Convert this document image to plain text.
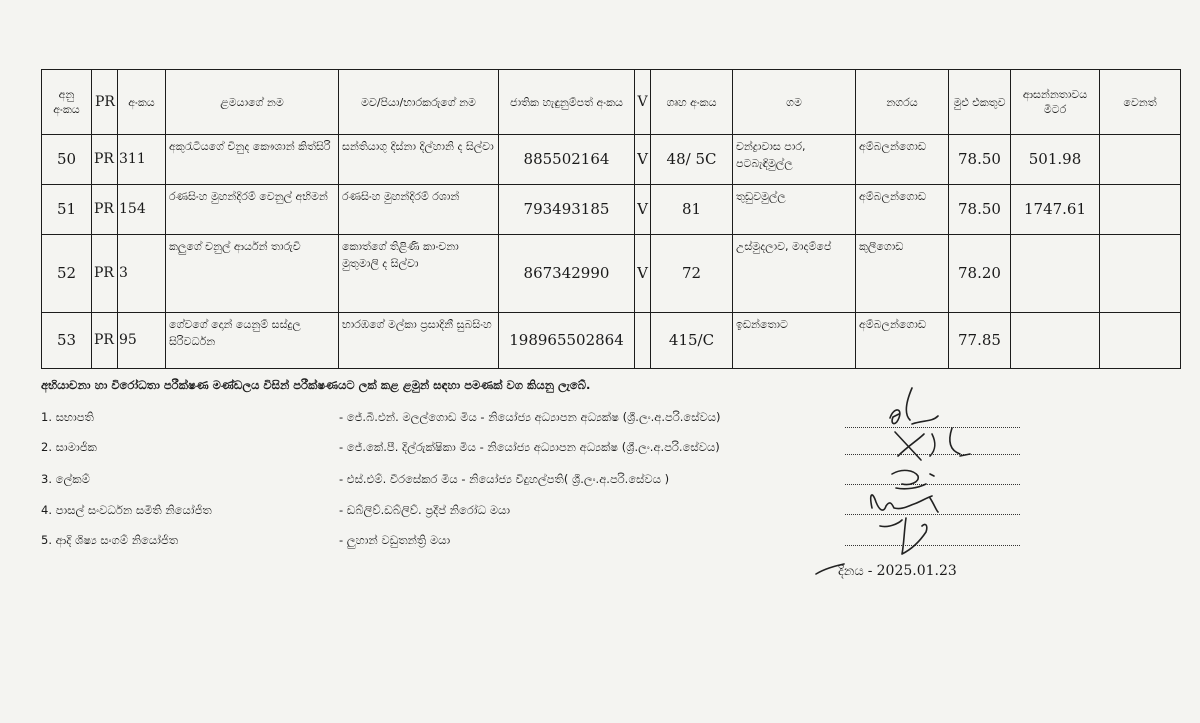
අනු අංකය	PR	අංකය	ළමයාගේ නම	මව/පියා/භාරකරුගේ නම	ජාතික හැඳුනුම්පත් අංකය	V	ගෘහ අංකය	ගම	නගරය	මුළු එකතුව	ආසන්නතාවය මීටර	වෙනත්
50	PR	311	අකුරැටියගේ චිනුද කෞශාන් කිත්සිරි	සන්තියාගු දිස්නා දිල්හානි ද සිල්වා	885502164	V	48/ 5C	චන්ද්‍රාවාස පාර, පටබැඳිමුල්ල	අම්බලන්ගොඩ	78.50	501.98	
51	PR	154	රණසිංහ මුහන්දිරම් වෙනුල් අභිමන්	රණසිංහ මුහන්දිරම් රශාන්	793493185	V	81	තුඩුවමුල්ල	අම්බලන්ගොඩ	78.50	1747.61	
52	PR	3	කලුගේ චනුල් ආර්යන් තාරුවි	කොත්ගේ තිළිණි කාංචනා මුතුමාලි ද සිල්වා	867342990	V	72	උස්මුදලාව, මාදම්පේ	කුලීගොඩ	78.20		
53	PR	95	ගේවගේ දොන් යෙනුම් සස්දුල සිරිවර්ධන	භාරඹගේ මල්කා ප්‍රසාදිනී සුබසිංහ	198965502864		415/C	ඉඩන්තොට	අම්බලන්ගොඩ	77.85		
අභියාචනා හා විරෝධතා පරීක්ෂණ මණ්ඩලය විසින් පරීක්ෂණයට ලක් කළ ළමුන් සඳහා පමණක් වග කියනු ලැබේ.
1. සභාපති	- ජේ.බී.එන්. මලල්ගොඩ මිය - නියෝජ්‍ය අධ්‍යාපන අධ්‍යක්ෂ (ශ්‍රී.ලං.අ.පරි.සේවය)
2. සාමාජික	- ජේ.කේ.පී. දිල්රුක්ෂිකා මිය - නියෝජ්‍ය අධ්‍යාපන අධ්‍යක්ෂ (ශ්‍රී.ලං.අ.පරි.සේවය)
3. ලේකම්	- එස්.එම්. වීරසේකර මිය - නියෝජ්‍ය විදුහල්පති( ශ්‍රී.ලං.අ.පරි.සේවය )
4. පාසල් සංවර්ධන සමිති නියෝජිත	- ඩබ්ලිව්.ඩබ්ලිව්. ප්‍රදීප් නිරෝධ මයා
5. ආදි ශිෂ්‍ය සංගම් නියෝජිත	- ලුහාන් වඩුතන්ත්‍රි මයා
දිනය - 2025.01.23
